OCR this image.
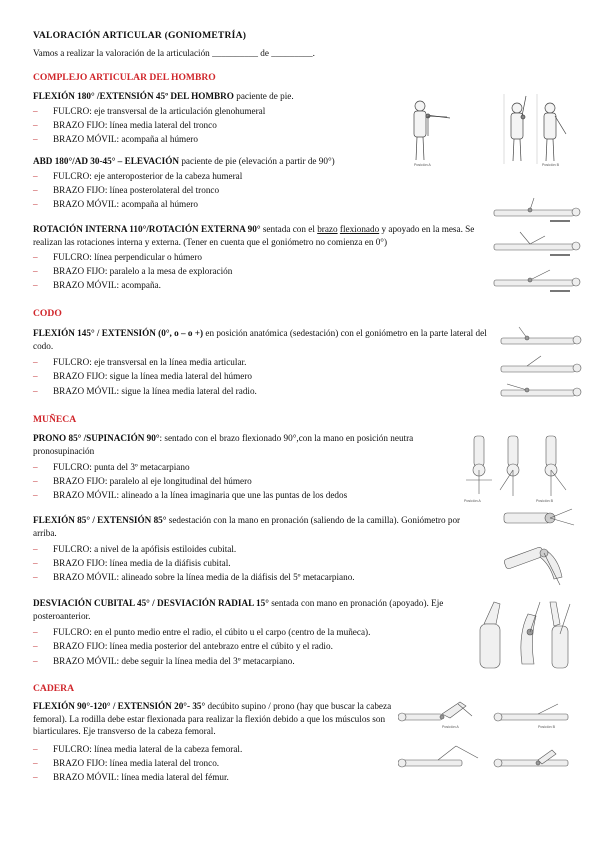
VALORACIÓN ARTICULAR (GONIOMETRÍA)
Vamos a realizar la valoración de la articulación __________ de _________.
COMPLEJO ARTICULAR DEL HOMBRO
FLEXIÓN 180° /EXTENSIÓN 45º DEL HOMBRO paciente de pie.
– FULCRO: eje transversal de la articulación glenohumeral
– BRAZO FIJO: línea media lateral del tronco
– BRAZO MÓVIL: acompaña al húmero
ABD 180°/AD 30-45° – ELEVACIÓN paciente de pie (elevación a partir de 90°)
– FULCRO: eje anteroposterior de la cabeza humeral
– BRAZO FIJO: línea posterolateral del tronco
– BRAZO MÓVIL: acompaña al húmero
ROTACIÓN INTERNA 110°/ROTACIÓN EXTERNA 90° sentada con el brazo flexionado y apoyado en la mesa. Se realizan las rotaciones interna y externa. (Tener en cuenta que el goniómetro no comienza en 0°)
– FULCRO: línea perpendicular o húmero
– BRAZO FIJO: paralelo a la mesa de exploración
– BRAZO MÓVIL: acompaña.
CODO
FLEXIÓN 145° / EXTENSIÓN (0°, o – o +) en posición anatómica (sedestación) con el goniómetro en la parte lateral del codo.
– FULCRO: eje transversal en la línea media articular.
– BRAZO FIJO: sigue la línea media lateral del húmero
– BRAZO MÓVIL: sigue la línea media lateral del radio.
MUÑECA
PRONO 85° /SUPINACIÓN 90°: sentado con el brazo flexionado 90°,con la mano en posición neutra pronosupinación
– FULCRO: punta del 3º metacarpiano
– BRAZO FIJO: paralelo al eje longitudinal del húmero
– BRAZO MÓVIL: alineado a la línea imaginaria que une las puntas de los dedos
FLEXIÓN 85° / EXTENSIÓN 85° sedestación con la mano en pronación (saliendo de la camilla). Goniómetro por arriba.
– FULCRO: a nivel de la apófisis estiloides cubital.
– BRAZO FIJO: línea media de la diáfisis cubital.
– BRAZO MÓVIL: alineado sobre la línea media de la diáfisis del 5º metacarpiano.
DESVIACIÓN CUBITAL 45° / DESVIACIÓN RADIAL 15° sentada con mano en pronación (apoyado). Eje posteroanterior.
– FULCRO: en el punto medio entre el radio, el cúbito u el carpo (centro de la muñeca).
– BRAZO FIJO: línea media posterior del antebrazo entre el cúbito y el radio.
– BRAZO MÓVIL: debe seguir la línea media del 3º metacarpiano.
CADERA
FLEXIÓN 90°-120° / EXTENSIÓN 20°- 35° decúbito supino / prono (hay que buscar la cabeza femoral). La rodilla debe estar flexionada para realizar la flexión debido a que los músculos son biarticulares. Eje transverso de la cabeza femoral.
– FULCRO: línea media lateral de la cabeza femoral.
– BRAZO FIJO: línea media lateral del tronco.
– BRAZO MÓVIL: línea media lateral del fémur.
Posición A	Posición B
Posición A	Posición B
Posición A	Posición B
